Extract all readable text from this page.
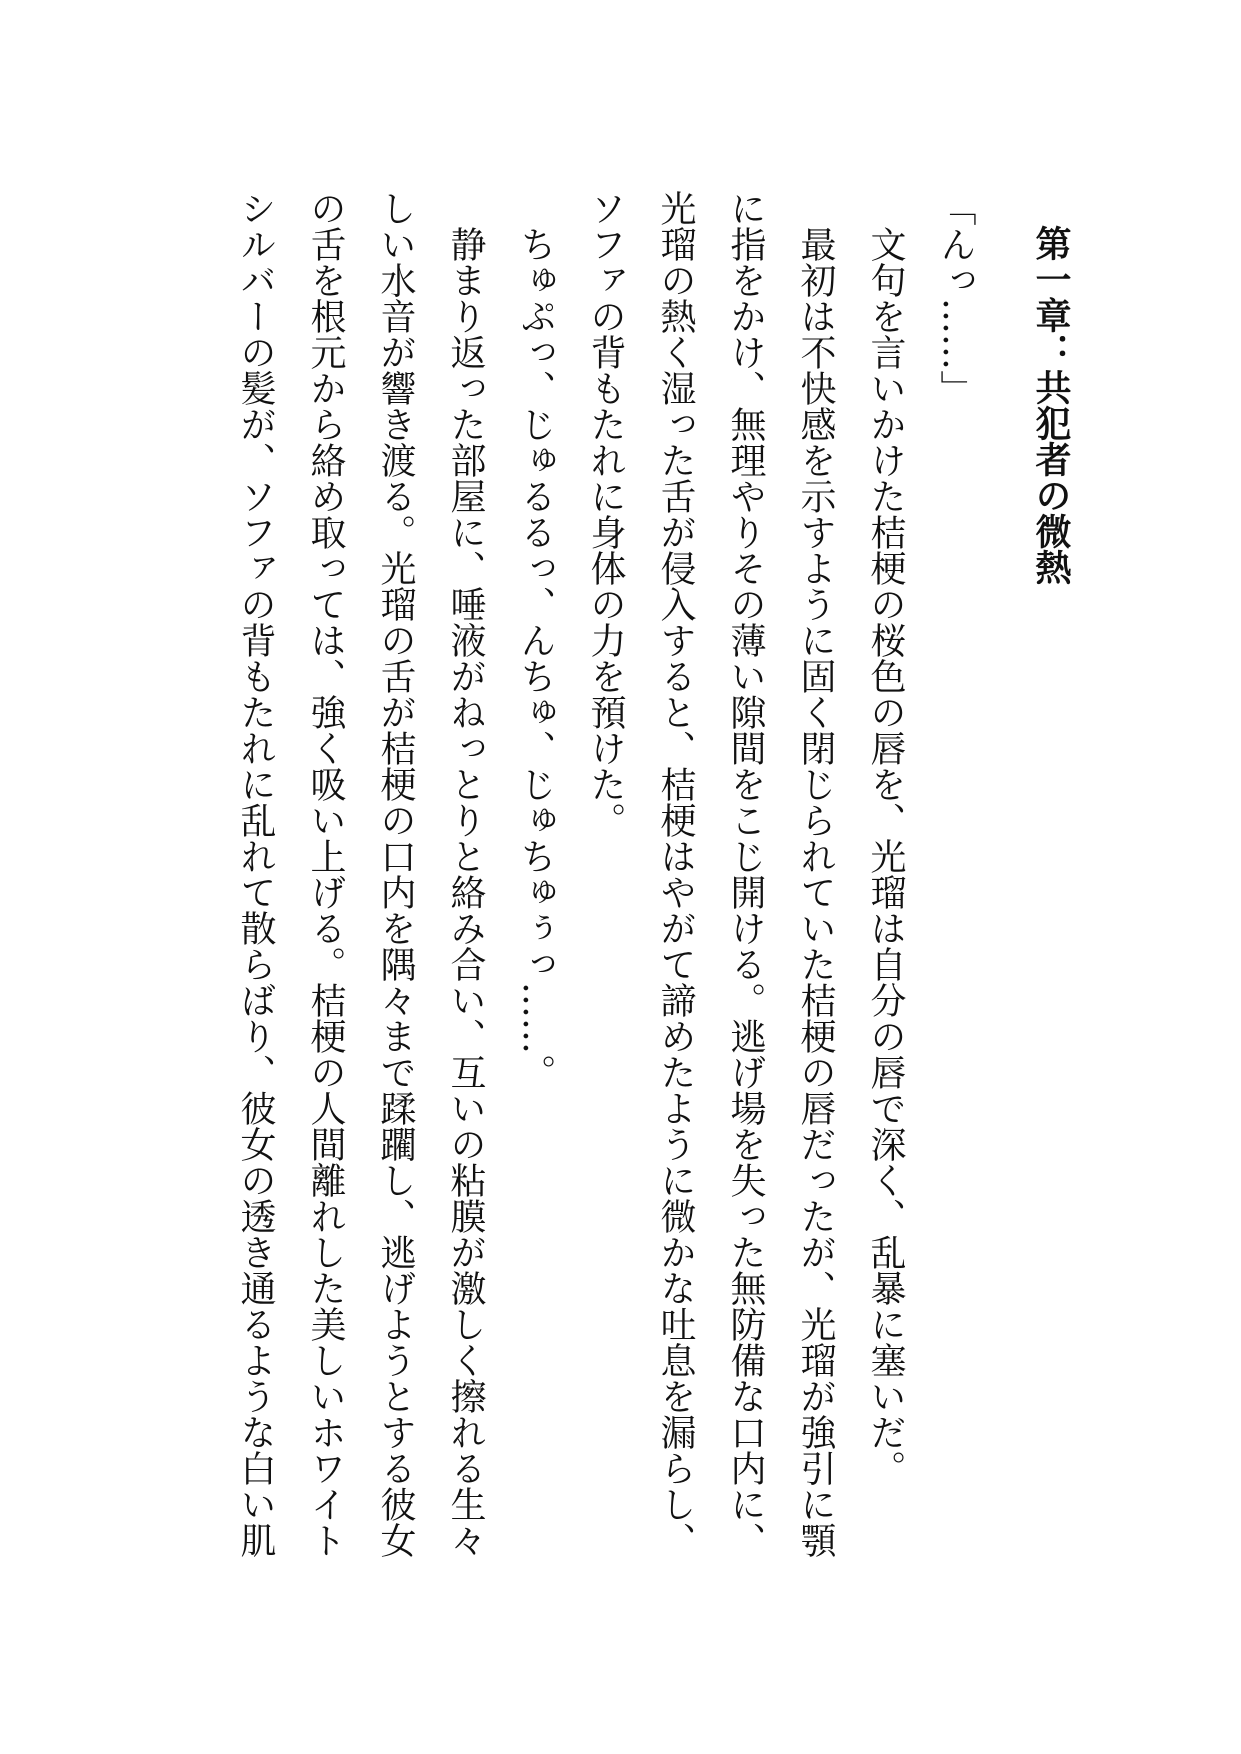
第一章：共犯者の微熱
「んっ……」
文句を言いかけた桔梗の桜色の唇を、光瑠は自分の唇で深く、乱暴に塞いだ。
最初は不快感を示すように固く閉じられていた桔梗の唇だったが、光瑠が強引に顎
に指をかけ、無理やりその薄い隙間をこじ開ける。逃げ場を失った無防備な口内に、
光瑠の熱く湿った舌が侵入すると、桔梗はやがて諦めたように微かな吐息を漏らし、
ソファの背もたれに身体の力を預けた。
ちゅぷっ、じゅるるっ、んちゅ、じゅちゅぅっ……。
静まり返った部屋に、唾液がねっとりと絡み合い、互いの粘膜が激しく擦れる生々
しい水音が響き渡る。光瑠の舌が桔梗の口内を隅々まで蹂躙し、逃げようとする彼女
の舌を根元から絡め取っては、強く吸い上げる。桔梗の人間離れした美しいホワイト
シルバーの髪が、ソファの背もたれに乱れて散らばり、彼女の透き通るような白い肌
